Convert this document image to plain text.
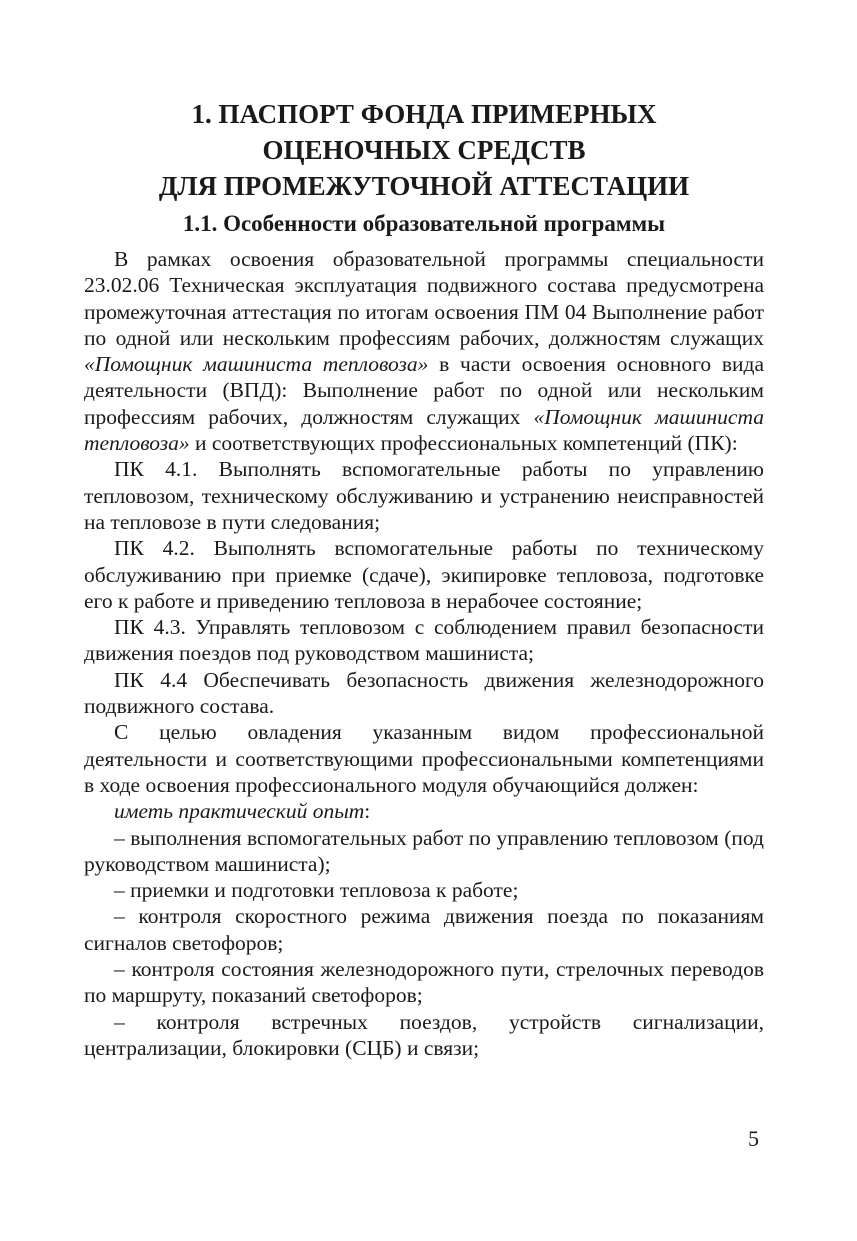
1. ПАСПОРТ ФОНДА ПРИМЕРНЫХ
ОЦЕНОЧНЫХ СРЕДСТВ
ДЛЯ ПРОМЕЖУТОЧНОЙ АТТЕСТАЦИИ
1.1. Особенности образовательной программы

В рамках освоения образовательной программы специальности 23.02.06 Техническая эксплуатация подвижного состава предусмотрена промежуточная аттестация по итогам освоения ПМ 04 Выполнение работ по одной или нескольким профессиям рабочих, должностям служащих «Помощник машиниста тепловоза» в части освоения основного вида деятельности (ВПД): Выполнение работ по одной или нескольким профессиям рабочих, должностям служащих «Помощник машиниста тепловоза» и соответствующих профессиональных компетенций (ПК):

ПК 4.1. Выполнять вспомогательные работы по управлению тепловозом, техническому обслуживанию и устранению неисправностей на тепловозе в пути следования;

ПК 4.2. Выполнять вспомогательные работы по техническому обслуживанию при приемке (сдаче), экипировке тепловоза, подготовке его к работе и приведению тепловоза в нерабочее состояние;

ПК 4.3. Управлять тепловозом с соблюдением правил безопасности движения поездов под руководством машиниста;

ПК 4.4 Обеспечивать безопасность движения железнодорожного подвижного состава.

С целью овладения указанным видом профессиональной деятельности и соответствующими профессиональными компетенциями в ходе освоения профессионального модуля обучающийся должен:

иметь практический опыт:

– выполнения вспомогательных работ по управлению тепловозом (под руководством машиниста);

– приемки и подготовки тепловоза к работе;

– контроля скоростного режима движения поезда по показаниям сигналов светофоров;

– контроля состояния железнодорожного пути, стрелочных переводов по маршруту, показаний светофоров;

– контроля встречных поездов, устройств сигнализации, централизации, блокировки (СЦБ) и связи;

5
